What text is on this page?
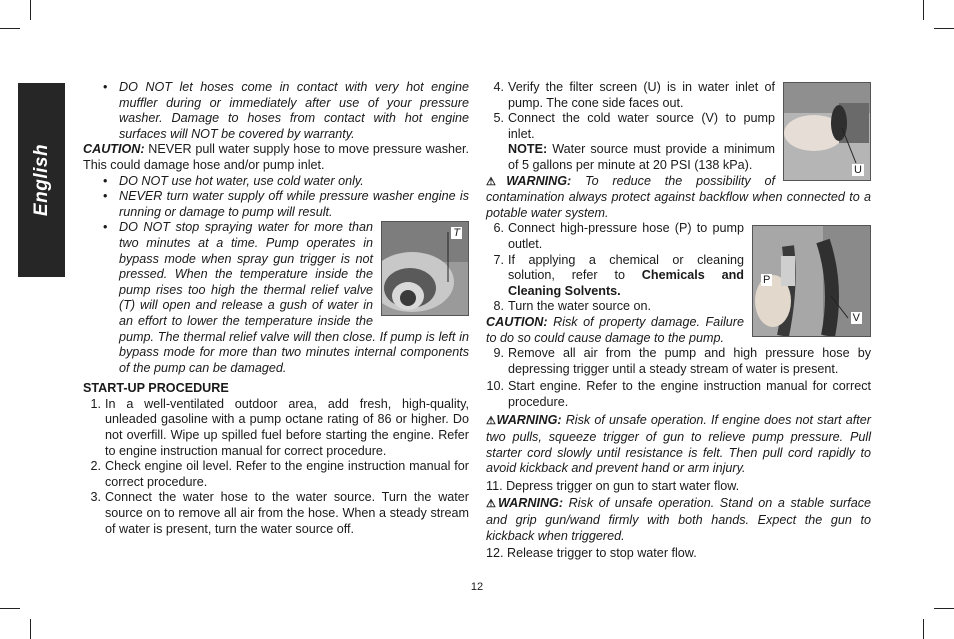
English

• DO NOT let hoses come in contact with very hot engine muffler during or immediately after use of your pressure washer. Damage to hoses from contact with hot engine surfaces will NOT be covered by warranty.

CAUTION: NEVER pull water supply hose to move pressure washer. This could damage hose and/or pump inlet.

• DO NOT use hot water, use cold water only.

• NEVER turn water supply off while pressure washer engine is running or damage to pump will result.

•	T
DO NOT stop spraying water for more than two minutes at a time. Pump operates in bypass mode when spray gun trigger is not pressed. When the temperature inside the pump rises too high the thermal relief valve (T) will open and release a gush of water in an effort to lower the temperature inside the pump. The thermal relief valve will then close. If pump is left in bypass mode for more than two minutes internal components of the pump can be damaged.

START-UP PROCEDURE

1. In a well-ventilated outdoor area, add fresh, high-quality, unleaded gasoline with a pump octane rating of 86 or higher. Do not overfill. Wipe up spilled fuel before starting the engine. Refer to engine instruction manual for correct procedure.

2. Check engine oil level. Refer to the engine instruction manual for correct procedure.

3. Connect the water hose to the water source. Turn the water source on to remove all air from the hose. When a steady stream of water is present, turn the water source off.

U

4. Verify the filter screen (U) is in water inlet of pump. The cone side faces out.

5. Connect the cold water source (V) to pump inlet.

NOTE: Water source must provide a minimum of 5 gallons per minute at 20 PSI (138 kPa).

⚠WARNING: To reduce the possibility of contamination always protect against backflow when connected to a potable water system.

P
V

6. Connect high-pressure hose (P) to pump outlet.

7. If applying a chemical or cleaning solution, refer to Chemicals and Cleaning Solvents.

8. Turn the water source on.

CAUTION: Risk of property damage. Failure to do so could cause damage to the pump.

9. Remove all air from the pump and high pressure hose by depressing trigger until a steady stream of water is present.

10. Start engine. Refer to the engine instruction manual for correct procedure.

⚠WARNING: Risk of unsafe operation. If engine does not start after two pulls, squeeze trigger of gun to relieve pump pressure. Pull starter cord slowly until resistance is felt. Then pull cord rapidly to avoid kickback and prevent hand or arm injury.

11. Depress trigger on gun to start water flow.

⚠WARNING: Risk of unsafe operation. Stand on a stable surface and grip gun/wand firmly with both hands. Expect the gun to kickback when triggered.

12. Release trigger to stop water flow.

12
